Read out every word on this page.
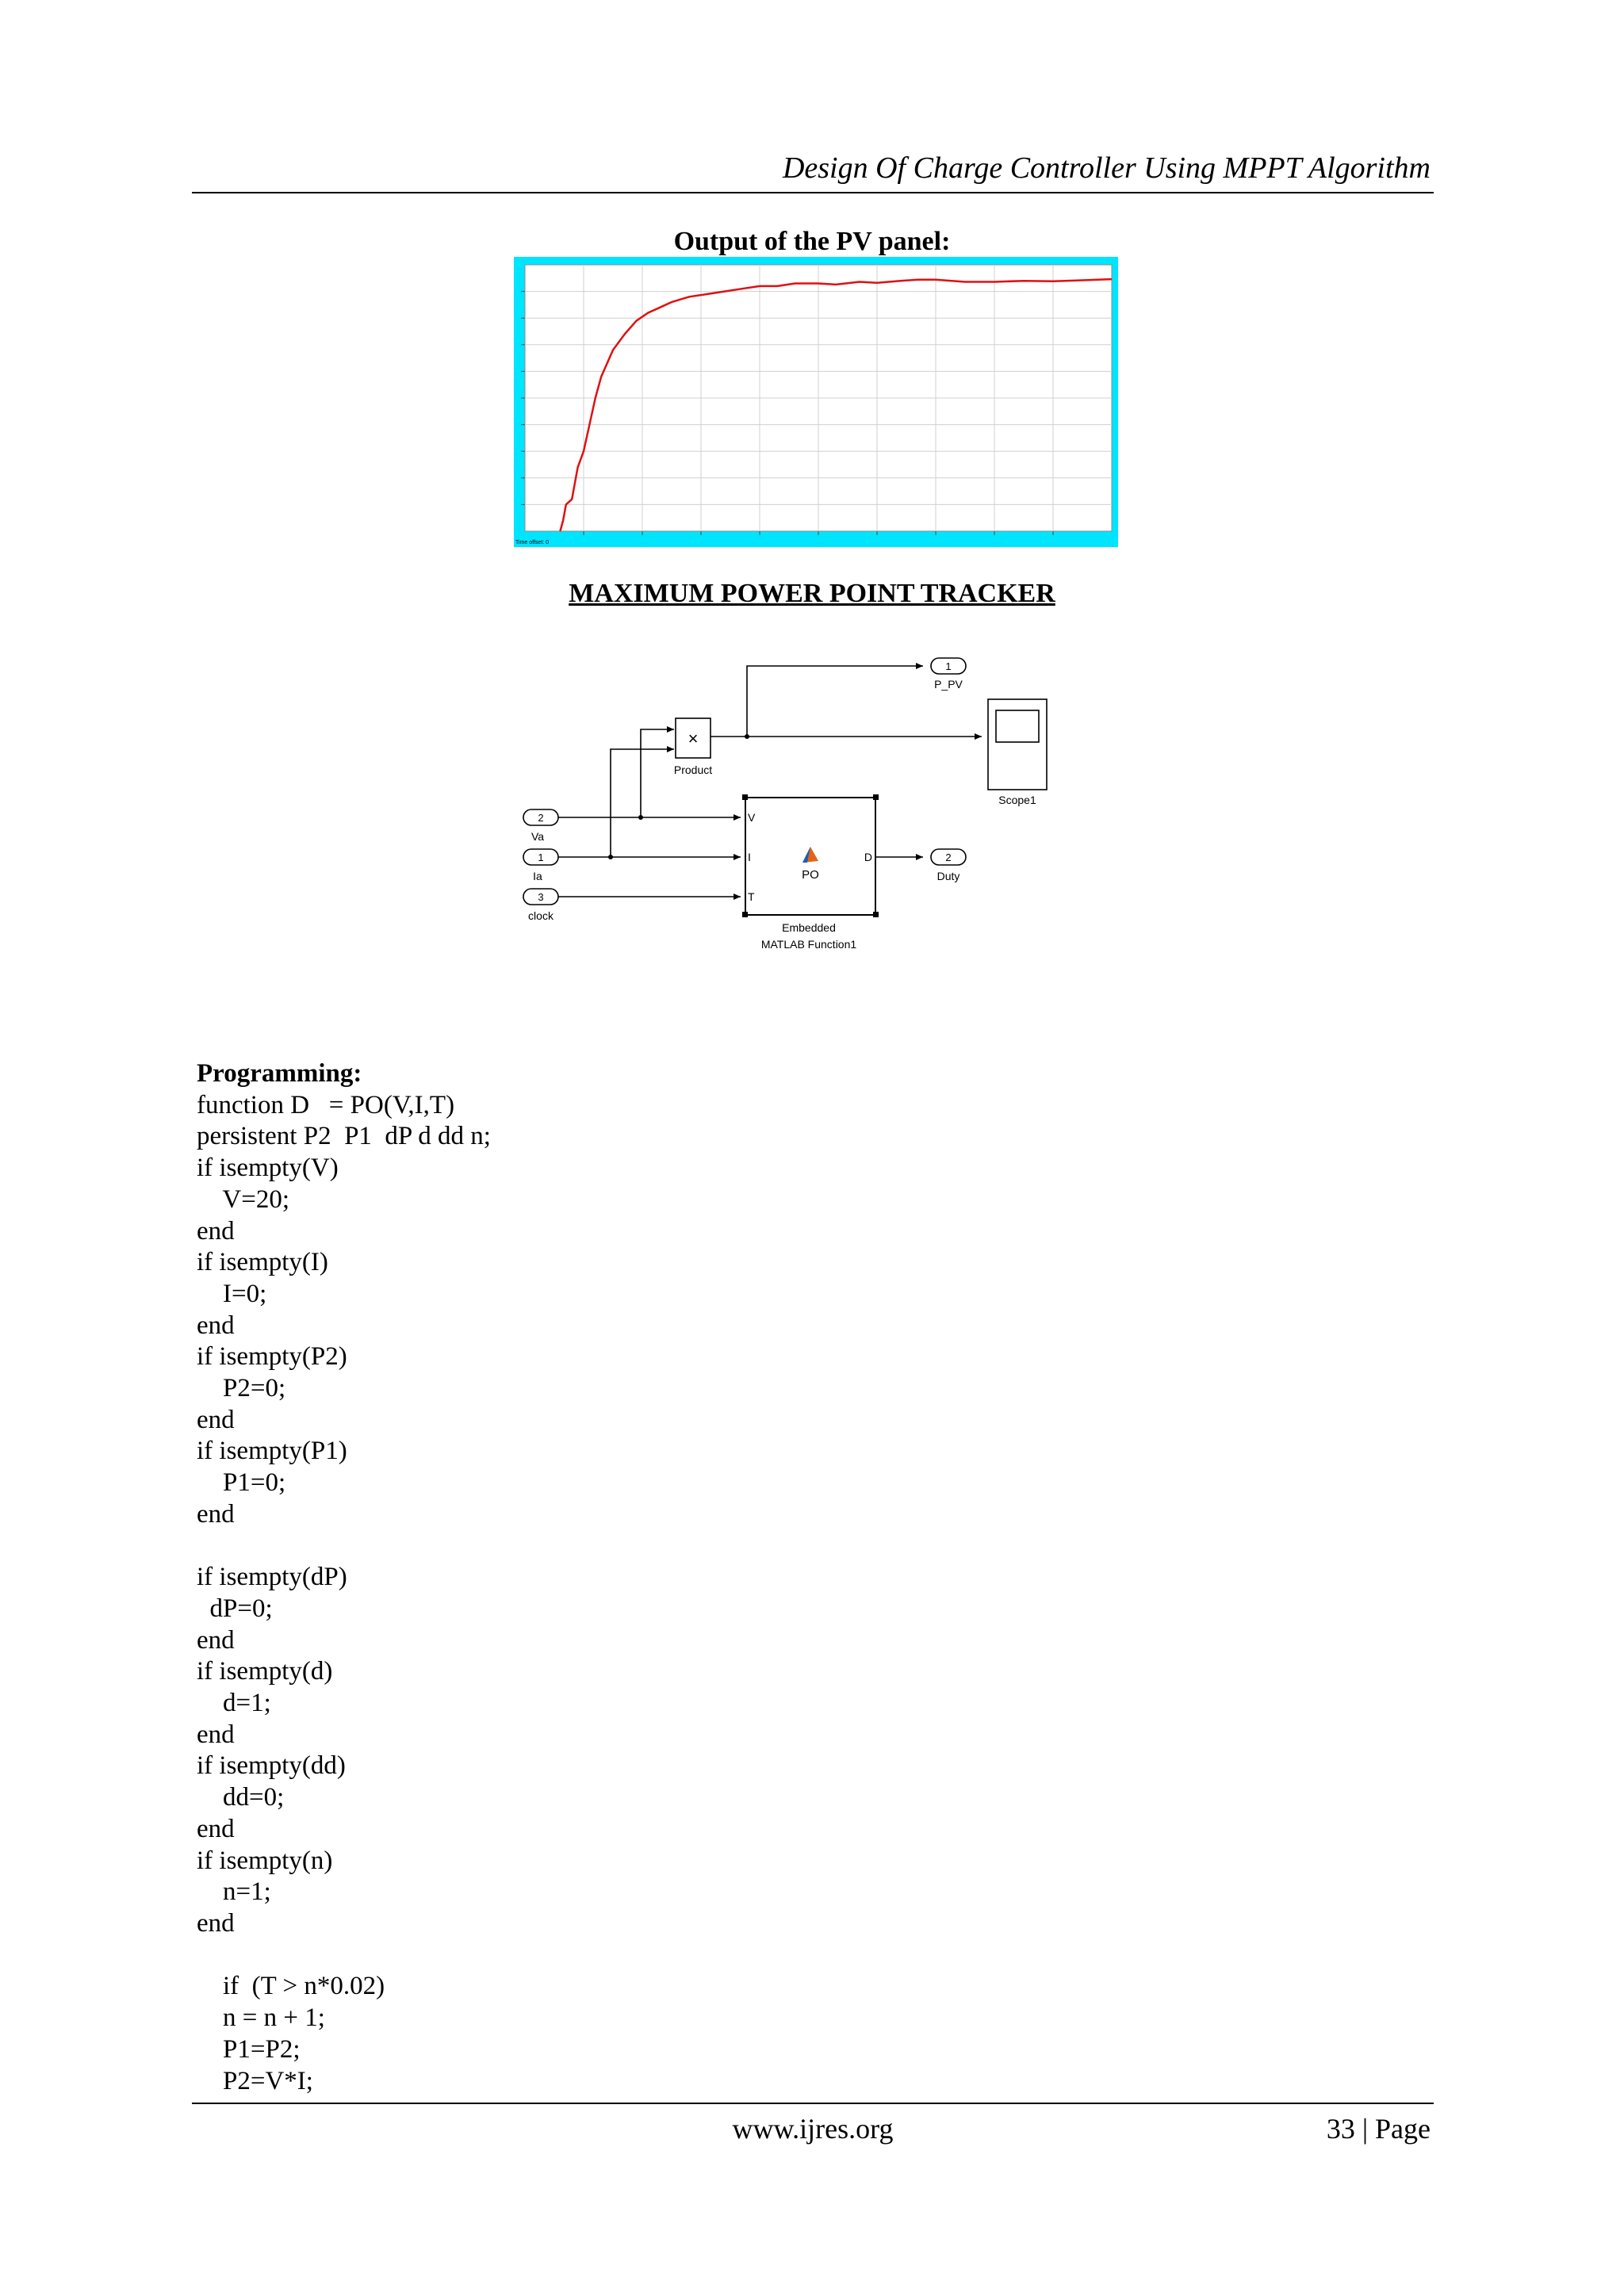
Design Of Charge Controller Using MPPT Algorithm
Output of the PV panel:
Time offset: 0
MAXIMUM POWER POINT TRACKER
×
Product
Scope1
PO
V
I
T
D
Embedded
MATLAB Function1
1
P_PV
2
Duty
2
Va
1
Ia
3
clock
Programming:
function D   = PO(V,I,T)
persistent P2  P1  dP d dd n;
if isempty(V)
V=20;
end
if isempty(I)
I=0;
end
if isempty(P2)
P2=0;
end
if isempty(P1)
P1=0;
end

if isempty(dP)
dP=0;
end
if isempty(d)
d=1;
end
if isempty(dd)
dd=0;
end
if isempty(n)
n=1;
end

if  (T > n*0.02)
n = n + 1;
P1=P2;
P2=V*I;
www.ijres.org	33 | Page
